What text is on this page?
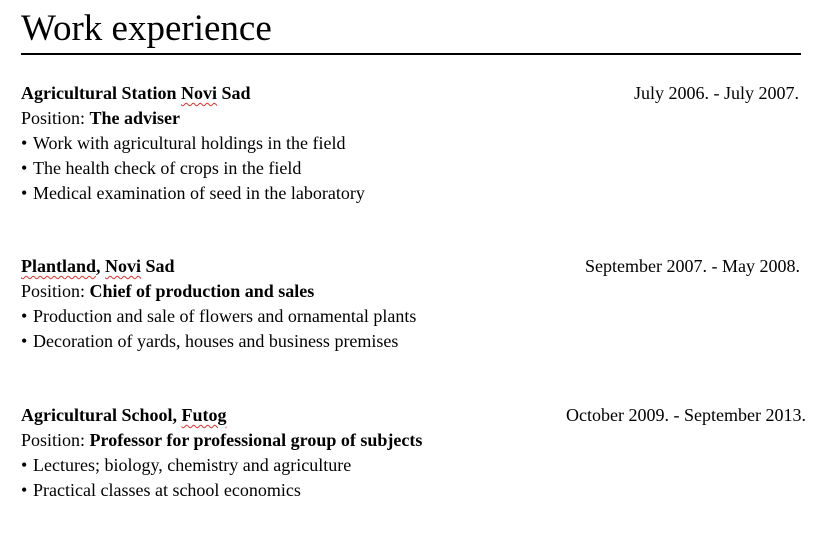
Work experience
Agricultural Station Novi Sad	July 2006. - July 2007.
Position: The adviser
• Work with agricultural holdings in the field
• The health check of crops in the field
• Medical examination of seed in the laboratory
Plantland, Novi Sad	September 2007. - May 2008.
Position: Chief of production and sales
• Production and sale of flowers and ornamental plants
• Decoration of yards, houses and business premises
Agricultural School, Futog	October 2009. - September 2013.
Position: Professor for professional group of subjects
• Lectures; biology, chemistry and agriculture
• Practical classes at school economics
